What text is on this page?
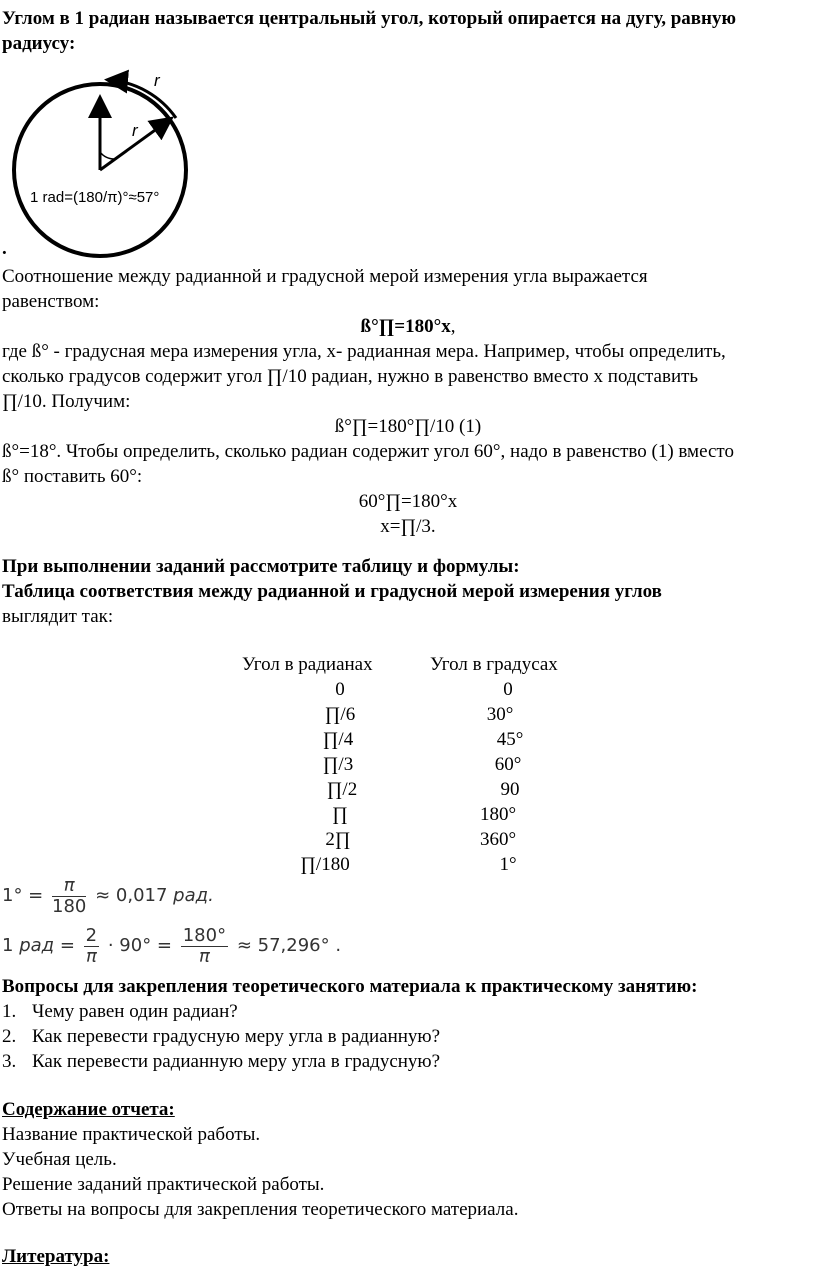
Углом в 1 радиан называется центральный угол, который опирается на дугу, равную радиусу:
r
r
1 rad=(180/π)°≈57°
.
Соотношение между радианной и градусной мерой измерения угла выражается
равенством:
ß°∏=180°х,
где ß° - градусная мера измерения угла, х- радианная мера. Например, чтобы определить,
сколько градусов содержит угол ∏/10 радиан, нужно в равенство вместо х подставить
∏/10. Получим:
ß°∏=180°∏/10 (1)
ß°=18°. Чтобы определить, сколько радиан содержит угол 60°, надо в равенство (1) вместо
ß° поставить 60°:
60°∏=180°х
х=∏/3.
При выполнении заданий рассмотрите таблицу и формулы:
Таблица соответствия между радианной и градусной мерой измерения углов
выглядит так:
Угол в радианах	Угол в градусах
0	0
∏/6	30°
∏/4	45°
∏/3	60°
∏/2	90
∏	180°
2∏	360°
∏/180	1°
$1^\circ = \frac{\pi}{180} \approx 0,017$ рад.
1 рад = $\frac{2}{\pi} \cdot 90^\circ = \frac{180^\circ}{\pi} \approx 57,296^\circ$ .
Вопросы для закрепления теоретического материала к практическому занятию:
1. Чему равен один радиан?
2. Как перевести градусную меру угла в радианную?
3. Как перевести радианную меру угла в градусную?
Содержание отчета:
Название практической работы.
Учебная цель.
Решение заданий практической работы.
Ответы на вопросы для закрепления теоретического материала.
Литература:
